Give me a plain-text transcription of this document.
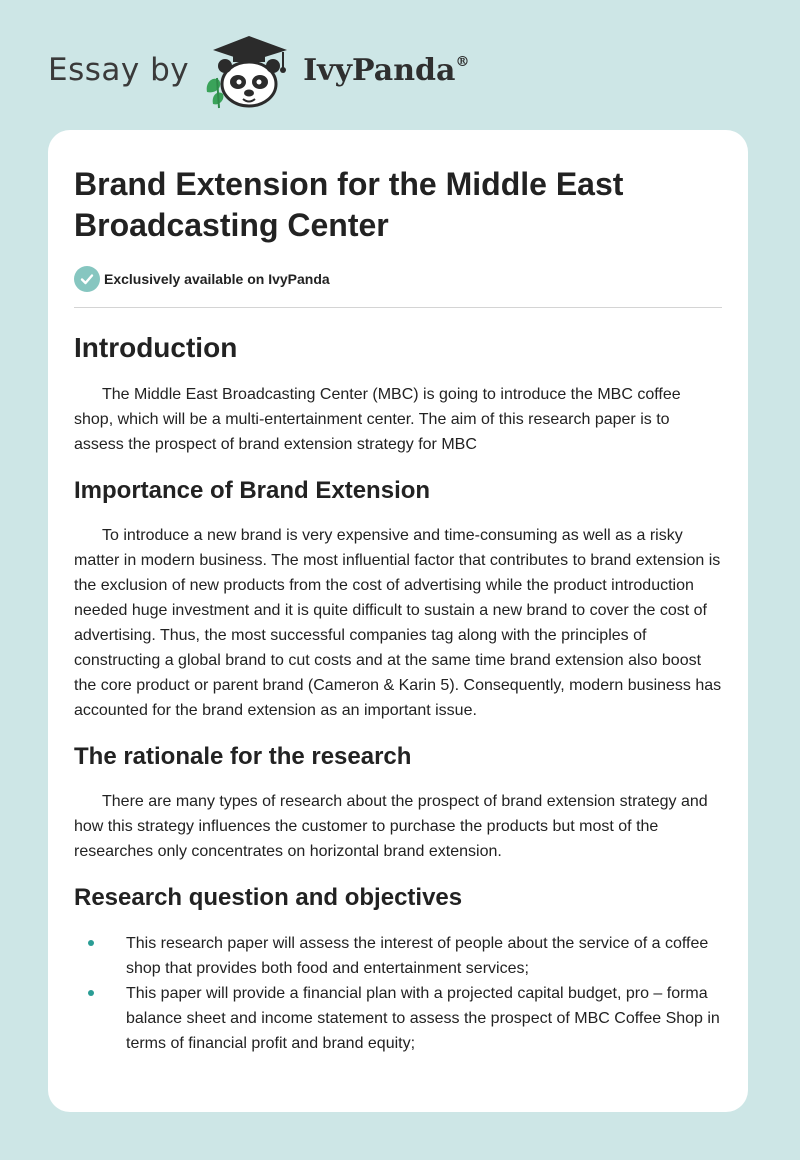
Essay by	IvyPanda®
Brand Extension for the Middle East Broadcasting Center
Exclusively available on IvyPanda
Introduction

The Middle East Broadcasting Center (MBC) is going to introduce the MBC coffee shop, which will be a multi-entertainment center. The aim of this research paper is to assess the prospect of brand extension strategy for MBC

Importance of Brand Extension

To introduce a new brand is very expensive and time-consuming as well as a risky matter in modern business. The most influential factor that contributes to brand extension is the exclusion of new products from the cost of advertising while the product introduction needed huge investment and it is quite difficult to sustain a new brand to cover the cost of advertising. Thus, the most successful companies tag along with the principles of constructing a global brand to cut costs and at the same time brand extension also boost the core product or parent brand (Cameron & Karin 5). Consequently, modern business has accounted for the brand extension as an important issue.

The rationale for the research

There are many types of research about the prospect of brand extension strategy and how this strategy influences the customer to purchase the products but most of the researches only concentrates on horizontal brand extension.

Research question and objectives
This research paper will assess the interest of people about the service of a coffee shop that provides both food and entertainment services;
This paper will provide a financial plan with a projected capital budget, pro – forma balance sheet and income statement to assess the prospect of MBC Coffee Shop in terms of financial profit and brand equity;
